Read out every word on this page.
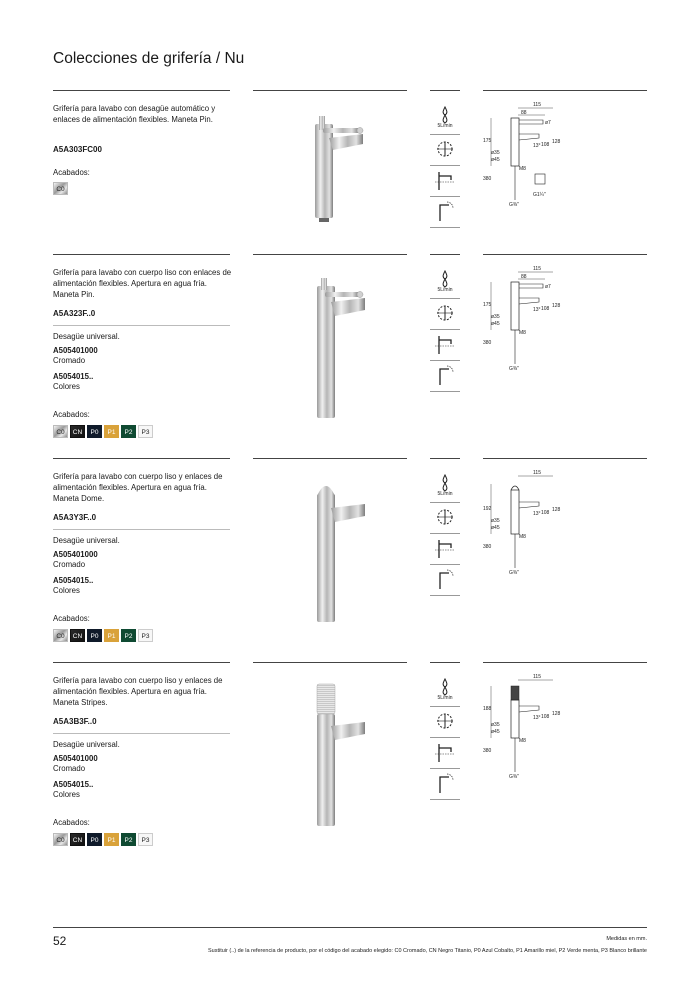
Colecciones de grifería / Nu
Grifería para lavabo con desagüe automático y enlaces de alimentación flexibles. Maneta Pin.
A5A303FC00
Acabados:
C0
5L/min
115
88
ø7
175
13° 108 128
ø35
ø45
M8
380
G1¼"
G⅜"
Grifería para lavabo con cuerpo liso con enlaces de alimentación flexibles. Apertura en agua fría. Maneta Pin.
A5A323F..0
Desagüe universal.
A505401000
Cromado
A5054015..
Colores
Acabados:
C0	CN	P0	P1	P2	P3
5L/min
115
88
ø7
175
13° 108 128
ø35
ø45
M8
380
G⅜"
Grifería para lavabo con cuerpo liso y enlaces de alimentación flexibles. Apertura en agua fría. Maneta Dome.
A5A3Y3F..0
Desagüe universal.
A505401000
Cromado
A5054015..
Colores
Acabados:
C0	CN	P0	P1	P2	P3
5L/min
115
192
13° 108 128
ø35
ø45
M8
380
G⅜"
Grifería para lavabo con cuerpo liso y enlaces de alimentación flexibles. Apertura en agua fría. Maneta Stripes.
A5A3B3F..0
Desagüe universal.
A505401000
Cromado
A5054015..
Colores
Acabados:
C0	CN	P0	P1	P2	P3
5L/min
115
188
13° 108 128
ø35
ø45
M8
380
G⅜"
52	Medidas en mm.
Sustituir (..) de la referencia de producto, por el código del acabado elegido: C0 Cromado, CN Negro Titanio, P0 Azul Cobalto, P1 Amarillo miel, P2 Verde menta, P3 Blanco brillante
